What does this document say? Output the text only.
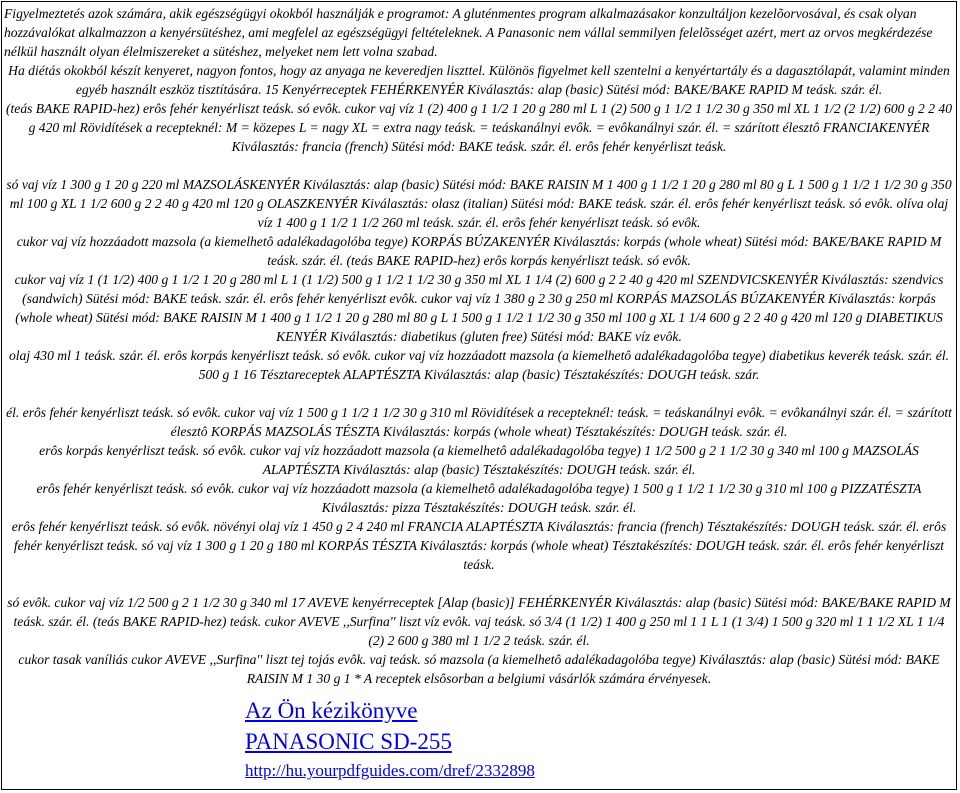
Figyelmeztetés azok számára, akik egészségügyi okokból használják e programot: A gluténmentes program alkalmazásakor konzultáljon kezelõorvosával, és csak olyan hozzávalókat alkalmazzon a kenyérsütéshez, ami megfelel az egészségügyi feltételeknek. A Panasonic nem vállal semmilyen felelõsséget azért, mert az orvos megkérdezése nélkül használt olyan élelmiszereket a sütéshez, melyeket nem lett volna szabad.

Ha diétás okokból készít kenyeret, nagyon fontos, hogy az anyaga ne keveredjen liszttel. Különös figyelmet kell szentelni a kenyértartály és a dagasztólapát, valamint minden egyéb használt eszköz tisztítására. 15 Kenyérreceptek FEHÉRKENYÉR Kiválasztás: alap (basic) Sütési mód: BAKE/BAKE RAPID M teásk. szár. él.

(teás BAKE RAPID-hez) erôs fehér kenyérliszt teásk. só evôk. cukor vaj víz 1 (2) 400 g 1 1/2 1 20 g 280 ml L 1 (2) 500 g 1 1/2 1 1/2 30 g 350 ml XL 1 1/2 (2 1/2) 600 g 2 2 40 g 420 ml Rövidítések a recepteknél: M = közepes L = nagy XL = extra nagy teásk. = teáskanálnyi evôk. = evôkanálnyi szár. él. = szárított élesztô FRANCIAKENYÉR Kiválasztás: francia (french) Sütési mód: BAKE teásk. szár. él. erôs fehér kenyérliszt teásk.

só vaj víz 1 300 g 1 20 g 220 ml MAZSOLÁSKENYÉR Kiválasztás: alap (basic) Sütési mód: BAKE RAISIN M 1 400 g 1 1/2 1 20 g 280 ml 80 g L 1 500 g 1 1/2 1 1/2 30 g 350 ml 100 g XL 1 1/2 600 g 2 2 40 g 420 ml 120 g OLASZKENYÉR Kiválasztás: olasz (italian) Sütési mód: BAKE teásk. szár. él. erôs fehér kenyérliszt teásk. só evôk. olíva olaj víz 1 400 g 1 1/2 1 1/2 260 ml teásk. szár. él. erôs fehér kenyérliszt teásk. só evôk.

cukor vaj víz hozzáadott mazsola (a kiemelhetô adalékadagolóba tegye) KORPÁS BÚZAKENYÉR Kiválasztás: korpás (whole wheat) Sütési mód: BAKE/BAKE RAPID M teásk. szár. él. (teás BAKE RAPID-hez) erôs korpás kenyérliszt teásk. só evôk.

cukor vaj víz 1 (1 1/2) 400 g 1 1/2 1 20 g 280 ml L 1 (1 1/2) 500 g 1 1/2 1 1/2 30 g 350 ml XL 1 1/4 (2) 600 g 2 2 40 g 420 ml SZENDVICSKENYÉR Kiválasztás: szendvics (sandwich) Sütési mód: BAKE teásk. szár. él. erôs fehér kenyérliszt evôk. cukor vaj víz 1 380 g 2 30 g 250 ml KORPÁS MAZSOLÁS BÚZAKENYÉR Kiválasztás: korpás (whole wheat) Sütési mód: BAKE RAISIN M 1 400 g 1 1/2 1 20 g 280 ml 80 g L 1 500 g 1 1/2 1 1/2 30 g 350 ml 100 g XL 1 1/4 600 g 2 2 40 g 420 ml 120 g DIABETIKUS KENYÉR Kiválasztás: diabetikus (gluten free) Sütési mód: BAKE víz evôk.

olaj 430 ml 1 teásk. szár. él. erôs korpás kenyérliszt teásk. só evôk. cukor vaj víz hozzáadott mazsola (a kiemelhetô adalékadagolóba tegye) diabetikus keverék teásk. szár. él. 500 g 1 16 Tésztareceptek ALAPTÉSZTA Kiválasztás: alap (basic) Tésztakészítés: DOUGH teásk. szár.

él. erôs fehér kenyérliszt teásk. só evôk. cukor vaj víz 1 500 g 1 1/2 1 1/2 30 g 310 ml Rövidítések a recepteknél: teásk. = teáskanálnyi evôk. = evôkanálnyi szár. él. = szárított élesztô KORPÁS MAZSOLÁS TÉSZTA Kiválasztás: korpás (whole wheat) Tésztakészítés: DOUGH teásk. szár. él.

erôs korpás kenyérliszt teásk. só evôk. cukor vaj víz hozzáadott mazsola (a kiemelhetô adalékadagolóba tegye) 1 1/2 500 g 2 1 1/2 30 g 340 ml 100 g MAZSOLÁS ALAPTÉSZTA Kiválasztás: alap (basic) Tésztakészítés: DOUGH teásk. szár. él.

erôs fehér kenyérliszt teásk. só evôk. cukor vaj víz hozzáadott mazsola (a kiemelhetô adalékadagolóba tegye) 1 500 g 1 1/2 1 1/2 30 g 310 ml 100 g PIZZATÉSZTA Kiválasztás: pizza Tésztakészítés: DOUGH teásk. szár. él.

erôs fehér kenyérliszt teásk. só evôk. növényi olaj víz 1 450 g 2 4 240 ml FRANCIA ALAPTÉSZTA Kiválasztás: francia (french) Tésztakészítés: DOUGH teásk. szár. él. erôs fehér kenyérliszt teásk. só vaj víz 1 300 g 1 20 g 180 ml KORPÁS TÉSZTA Kiválasztás: korpás (whole wheat) Tésztakészítés: DOUGH teásk. szár. él. erôs fehér kenyérliszt teásk.

só evôk. cukor vaj víz 1/2 500 g 2 1 1/2 30 g 340 ml 17 AVEVE kenyérreceptek [Alap (basic)] FEHÉRKENYÉR Kiválasztás: alap (basic) Sütési mód: BAKE/BAKE RAPID M teásk. szár. él. (teás BAKE RAPID-hez) teásk. cukor AVEVE ,,Surfina'' liszt víz evôk. vaj teásk. só 3/4 (1 1/2) 1 400 g 250 ml 1 1 L 1 (1 3/4) 1 500 g 320 ml 1 1 1/2 XL 1 1/4 (2) 2 600 g 380 ml 1 1/2 2 teásk. szár. él.

cukor tasak vaníliás cukor AVEVE ,,Surfina'' liszt tej tojás evôk. vaj teásk. só mazsola (a kiemelhetô adalékadagolóba tegye) Kiválasztás: alap (basic) Sütési mód: BAKE RAISIN M 1 30 g 1 * A receptek elsôsorban a belgiumi vásárlók számára érvényesek.

Az Ön kézikönyve
PANASONIC SD-255
http://hu.yourpdfguides.com/dref/2332898
